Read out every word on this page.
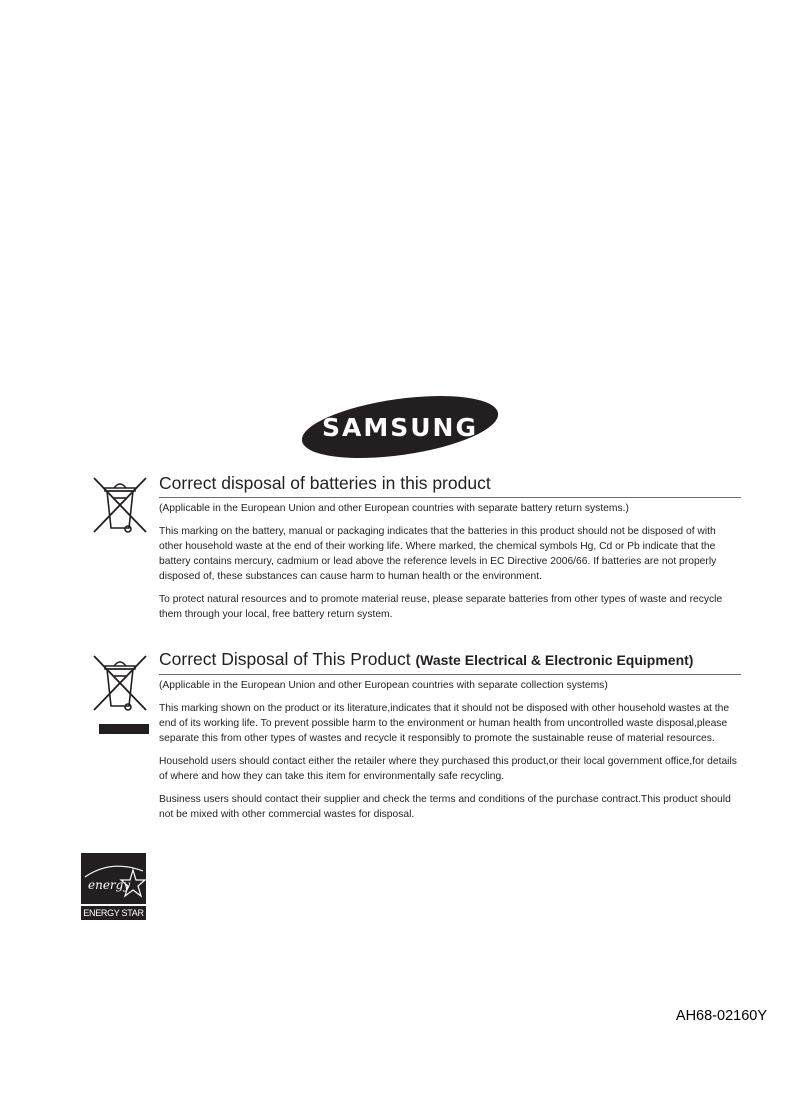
SAMSUNG
Correct disposal of batteries in this product
(Applicable in the European Union and other European countries with separate battery return systems.)
This marking on the battery, manual or packaging indicates that the batteries in this product should not be disposed of with other household waste at the end of their working life. Where marked, the chemical symbols Hg, Cd or Pb indicate that the battery contains mercury, cadmium or lead above the reference levels in EC Directive 2006/66. If batteries are not properly disposed of, these substances can cause harm to human health or the environment.
To protect natural resources and to promote material reuse, please separate batteries from other types of waste and recycle them through your local, free battery return system.
Correct Disposal of This Product (Waste Electrical & Electronic Equipment)
(Applicable in the European Union and other European countries with separate collection systems)
This marking shown on the product or its literature,indicates that it should not be disposed with other household wastes at the end of its working life. To prevent possible harm to the environment or human health from uncontrolled waste disposal,please separate this from other types of wastes and recycle it responsibly to promote the sustainable reuse of material resources.
Household users should contact either the retailer where they purchased this product,or their local government office,for details of where and how they can take this item for environmentally safe recycling.
Business users should contact their supplier and check the terms and conditions of the purchase contract.This product should not be mixed with other commercial wastes for disposal.
energy
ENERGY STAR
AH68-02160Y
